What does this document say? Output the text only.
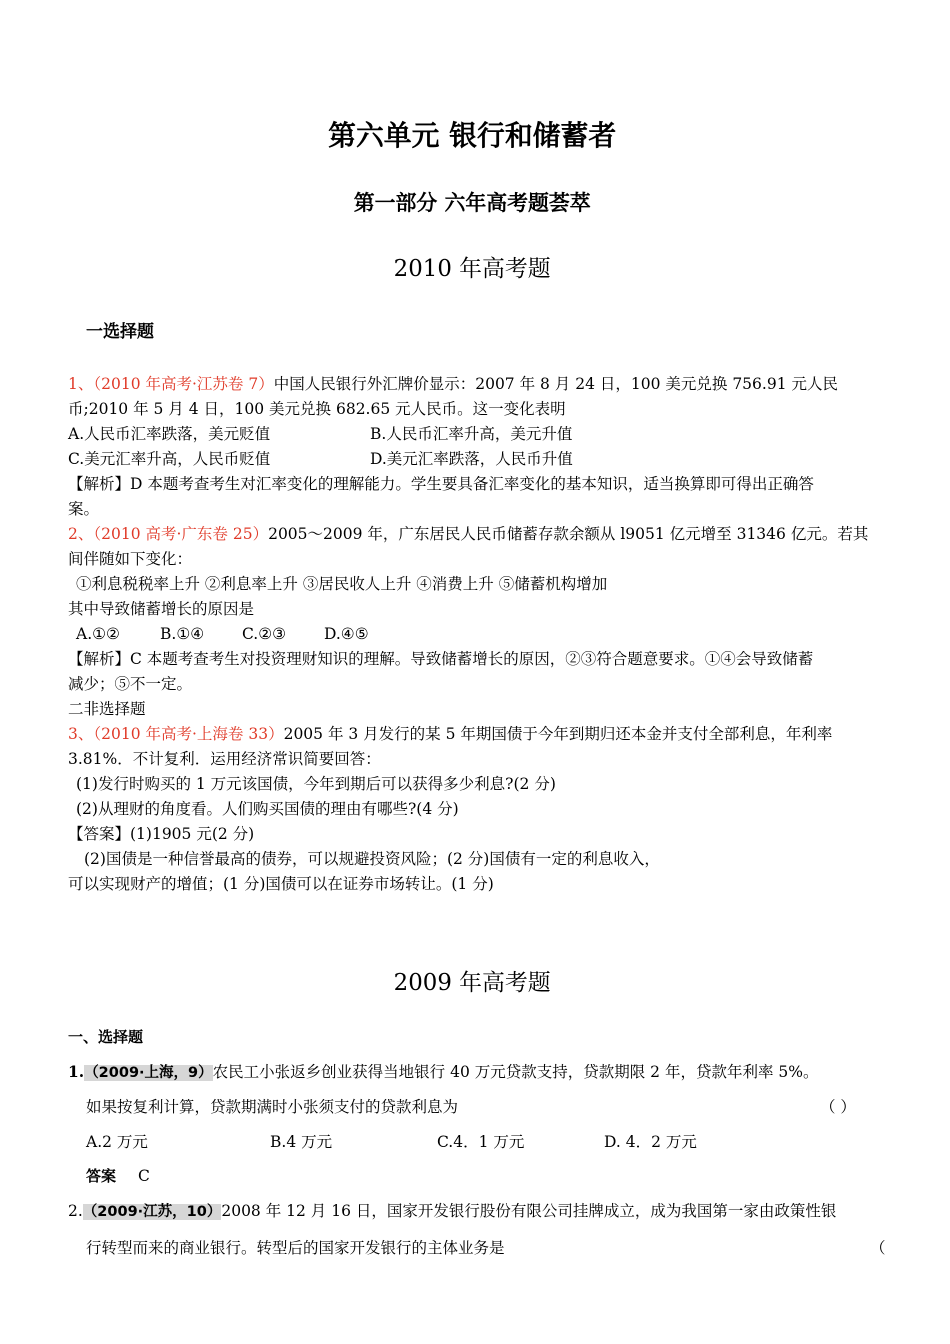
第六单元 银行和储蓄者
第一部分 六年高考题荟萃
2010 年高考题
一选择题
1、（2010 年高考·江苏卷 7）中国人民银行外汇牌价显示：2007 年 8 月 24 日，100 美元兑换 756.91 元人民
币;2010 年 5 月 4 日，100 美元兑换 682.65 元人民币。这一变化表明
A.人民币汇率跌落，美元贬值	B.人民币汇率升高，美元升值
C.美元汇率升高，人民币贬值	D.美元汇率跌落，人民币升值
【解析】D 本题考查考生对汇率变化的理解能力。学生要具备汇率变化的基本知识，适当换算即可得出正确答
案。
2、（2010 高考·广东卷 25）2005～2009 年，广东居民人民币储蓄存款余额从 l9051 亿元增至 31346 亿元。若其
间伴随如下变化：
①利息税税率上升 ②利息率上升 ③居民收人上升 ④消费上升 ⑤储蓄机构增加
其中导致储蓄增长的原因是
A.①②	B.①④ C.②③ D.④⑤
【解析】C 本题考查考生对投资理财知识的理解。导致储蓄增长的原因，②③符合题意要求。①④会导致储蓄
减少；⑤不一定。
二非选择题
3、（2010 年高考·上海卷 33）2005 年 3 月发行的某 5 年期国债于今年到期归还本金并支付全部利息，年利率
3.81%．不计复利．运用经济常识简要回答：
(1)发行时购买的 1 万元该国债，今年到期后可以获得多少利息?(2 分)
(2)从理财的角度看。人们购买国债的理由有哪些?(4 分)
【答案】(1)1905 元(2 分)
(2)国债是一种信誉最高的债券，可以规避投资风险；(2 分)国债有一定的利息收入，
可以实现财产的增值；(1 分)国债可以在证券市场转让。(1 分)
2009 年高考题
一、选择题
1.（2009·上海，9）农民工小张返乡创业获得当地银行 40 万元贷款支持，贷款期限 2 年，贷款年利率 5%。
如果按复利计算，贷款期满时小张须支付的贷款利息为	（ ）
A.2 万元	B.4 万元	C.4．1 万元	D. 4．2 万元
答案 C
2.（2009·江苏，10）2008 年 12 月 16 日，国家开发银行股份有限公司挂牌成立，成为我国第一家由政策性银
行转型而来的商业银行。转型后的国家开发银行的主体业务是	（
